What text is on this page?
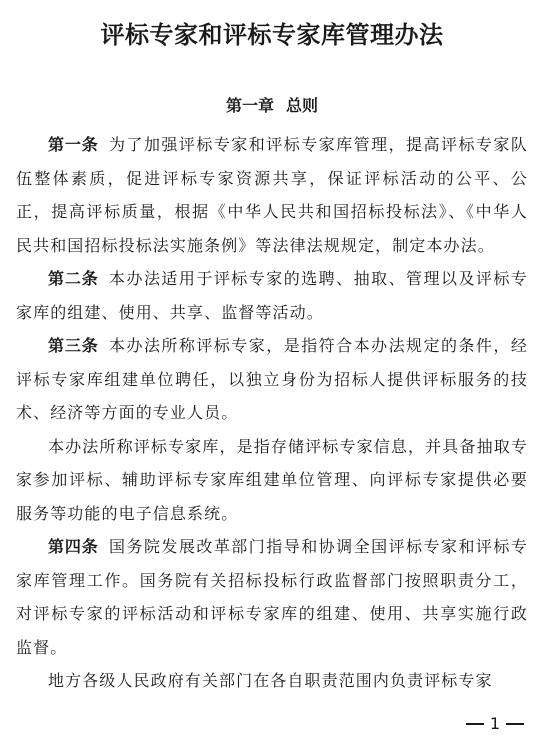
评标专家和评标专家库管理办法
第一章 总则

第一条 为了加强评标专家和评标专家库管理，提高评标专家队伍整体素质，促进评标专家资源共享，保证评标活动的公平、公正，提高评标质量，根据《中华人民共和国招标投标法》、《中华人民共和国招标投标法实施条例》等法律法规规定，制定本办法。

第二条 本办法适用于评标专家的选聘、抽取、管理以及评标专家库的组建、使用、共享、监督等活动。

第三条 本办法所称评标专家，是指符合本办法规定的条件，经评标专家库组建单位聘任，以独立身份为招标人提供评标服务的技术、经济等方面的专业人员。

本办法所称评标专家库，是指存储评标专家信息，并具备抽取专家参加评标、辅助评标专家库组建单位管理、向评标专家提供必要服务等功能的电子信息系统。

第四条 国务院发展改革部门指导和协调全国评标专家和评标专家库管理工作。国务院有关招标投标行政监督部门按照职责分工，对评标专家的评标活动和评标专家库的组建、使用、共享实施行政监督。

地方各级人民政府有关部门在各自职责范围内负责评标专家

1
